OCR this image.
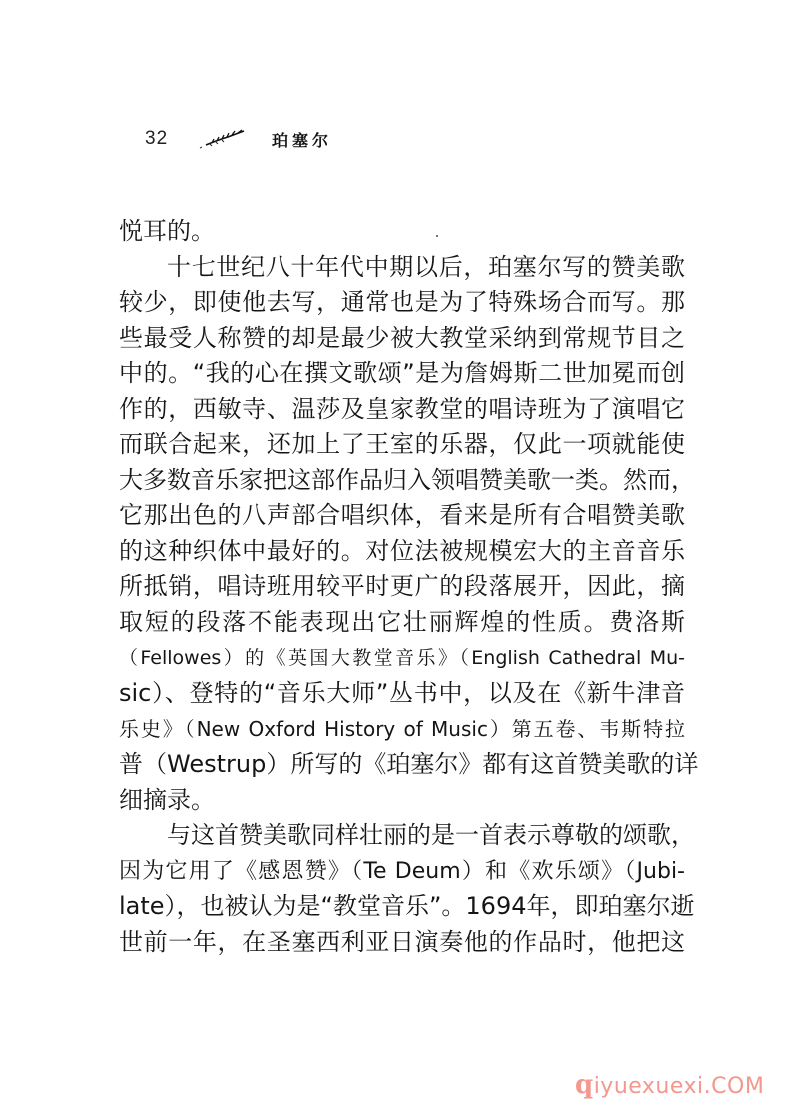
32	珀塞尔
悦耳的。
十七世纪八十年代中期以后，珀塞尔写的赞美歌
较少，即使他去写，通常也是为了特殊场合而写。那
些最受人称赞的却是最少被大教堂采纳到常规节目之
中的。“我的心在撰文歌颂”是为詹姆斯二世加冕而创
作的，西敏寺、温莎及皇家教堂的唱诗班为了演唱它
而联合起来，还加上了王室的乐器，仅此一项就能使
大多数音乐家把这部作品归入领唱赞美歌一类。然而，
它那出色的八声部合唱织体，看来是所有合唱赞美歌
的这种织体中最好的。对位法被规模宏大的主音音乐
所抵销，唱诗班用较平时更广的段落展开，因此，摘
取短的段落不能表现出它壮丽辉煌的性质。费洛斯
（Fellowes）的《英国大教堂音乐》（English Cathedral Mu-
sic）、登特的“音乐大师”丛书中，以及在《新牛津音
乐史》（New Oxford History of Music）第五卷、韦斯特拉
普（Westrup）所写的《珀塞尔》都有这首赞美歌的详
细摘录。
与这首赞美歌同样壮丽的是一首表示尊敬的颂歌，
因为它用了《感恩赞》（Te Deum）和《欢乐颂》（Jubi-
late），也被认为是“教堂音乐”。1694年，即珀塞尔逝
世前一年，在圣塞西利亚日演奏他的作品时，他把这
qiyuexuexi.COM
